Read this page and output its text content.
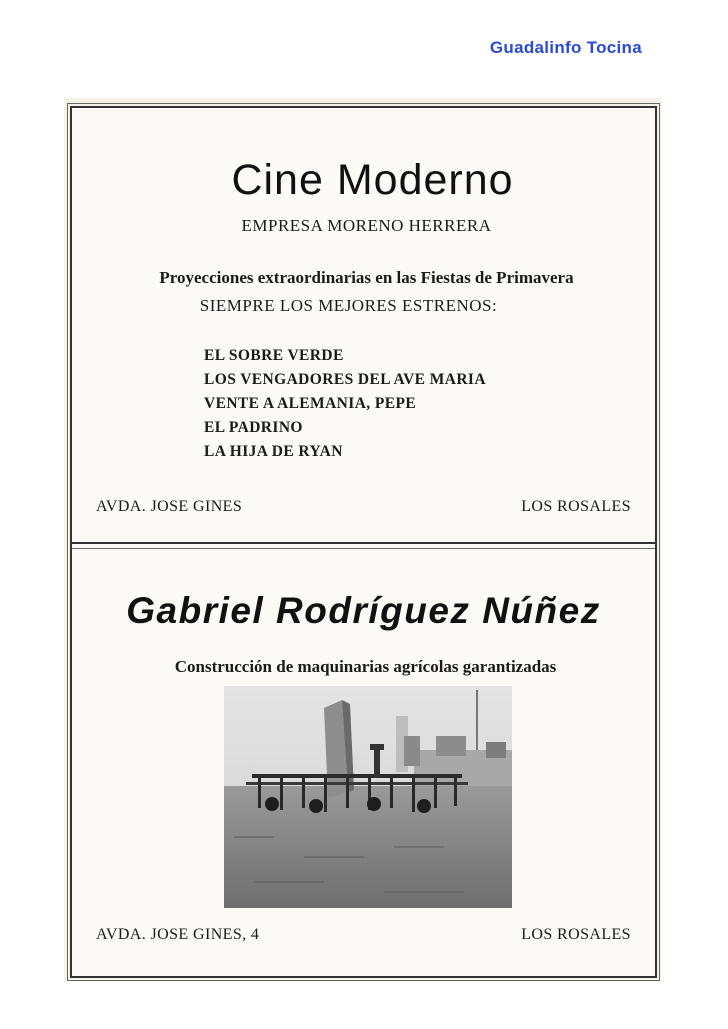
Guadalinfo Tocina
Cine Moderno
EMPRESA MORENO HERRERA
Proyecciones extraordinarias en las Fiestas de Primavera
SIEMPRE LOS MEJORES ESTRENOS:
EL SOBRE VERDE
LOS VENGADORES DEL AVE MARIA
VENTE A ALEMANIA, PEPE
EL PADRINO
LA HIJA DE RYAN
AVDA. JOSE GINES	LOS ROSALES
Gabriel Rodríguez Núñez
Construcción de maquinarias agrícolas garantizadas
AVDA. JOSE GINES, 4	LOS ROSALES
